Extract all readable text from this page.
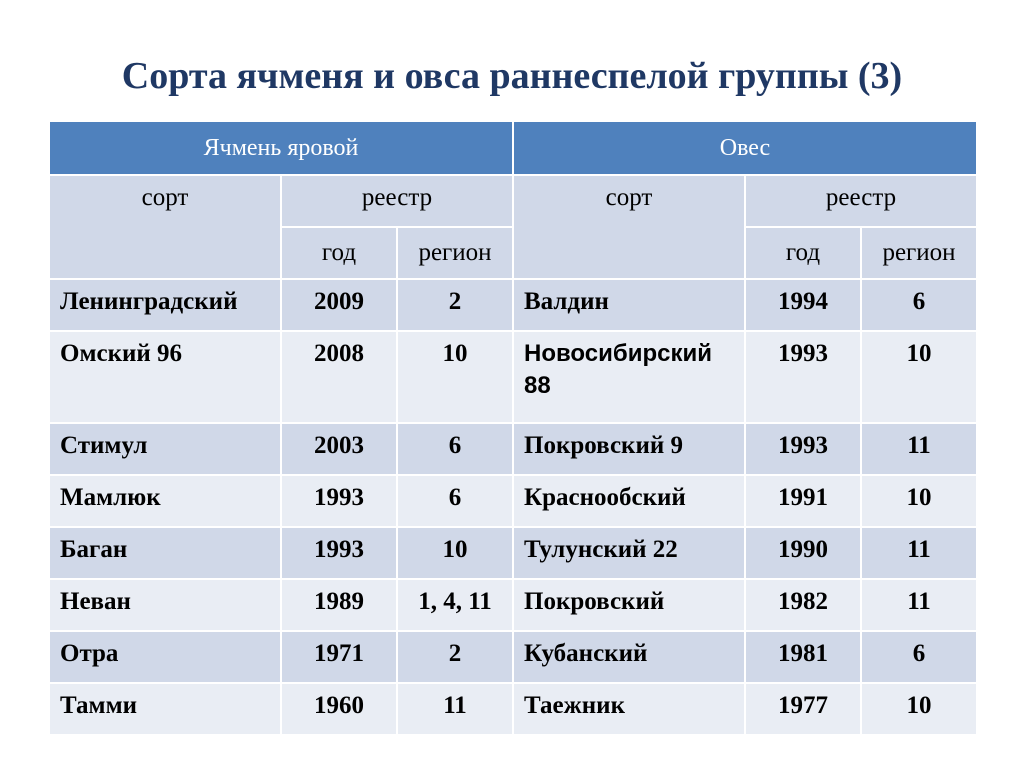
Сорта ячменя и овса раннеспелой группы (3)
Ячмень яровой			Овес		
сорт	реестр		сорт	реестр	
	год	регион		год	регион
Ленинградский	2009	2	Валдин	1994	6
Омский 96	2008	10	Новосибирский 88	1993	10
Стимул	2003	6	Покровский 9	1993	11
Мамлюк	1993	6	Краснообский	1991	10
Баган	1993	10	Тулунский 22	1990	11
Неван	1989	1, 4, 11	Покровский	1982	11
Отра	1971	2	Кубанский	1981	6
Тамми	1960	11	Таежник	1977	10
